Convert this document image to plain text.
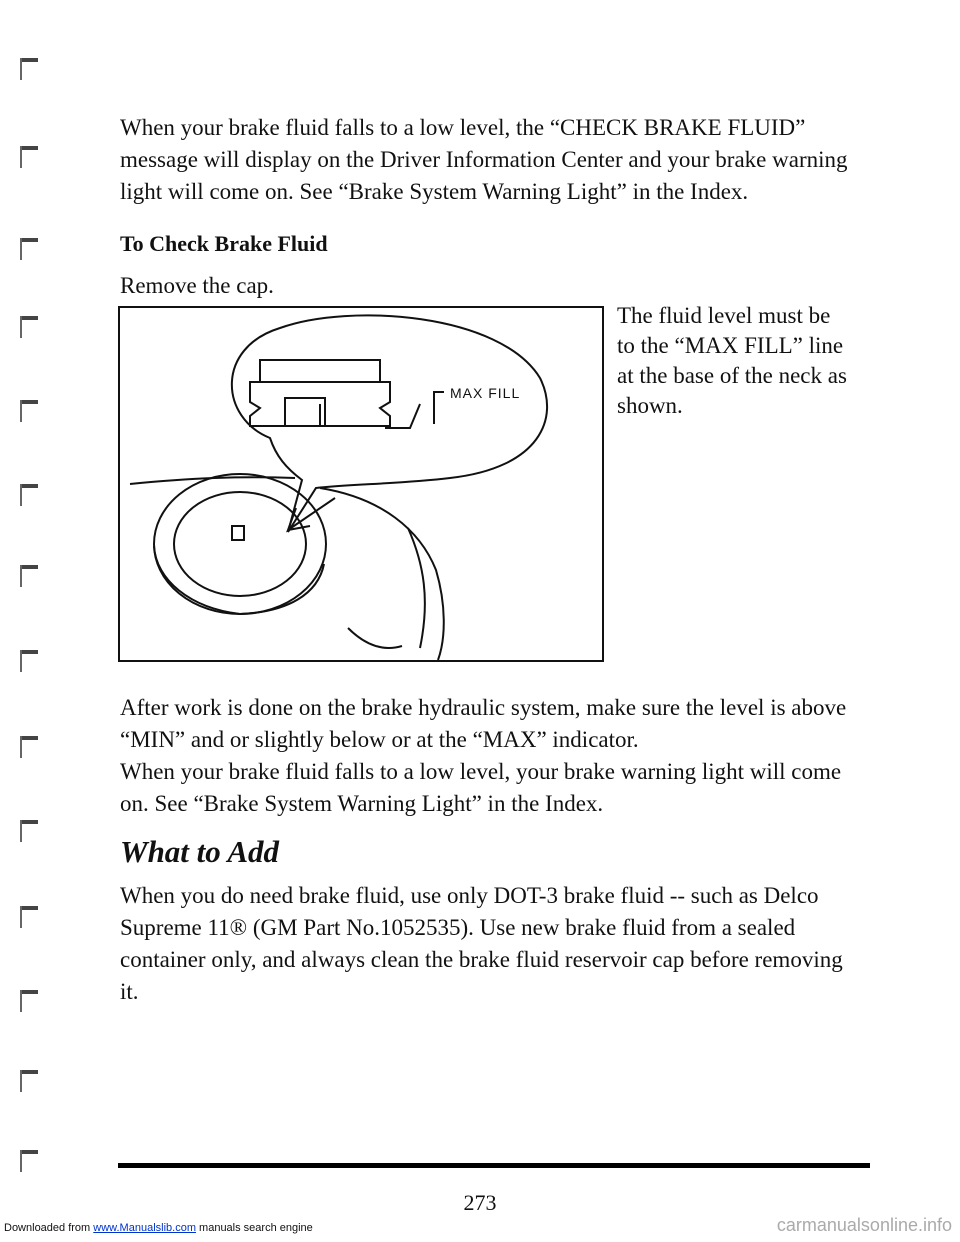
When your brake fluid falls to a low level, the “CHECK BRAKE FLUID” message will display on the Driver Information Center and your brake warning light will come on. See “Brake System Warning Light” in the Index.

To Check Brake Fluid

Remove the cap.

MAX FILL

The fluid level must be to the “MAX FILL” line at the base of the neck as shown.

After work is done on the brake hydraulic system, make sure the level is above “MIN” and or slightly below or at the “MAX” indicator.

When your brake fluid falls to a low level, your brake warning light will come on. See “Brake System Warning Light” in the Index.

What to Add

When you do need brake fluid, use only DOT-3 brake fluid -- such as Delco Supreme 11® (GM Part No.1052535). Use new brake fluid from a sealed container only, and always clean the brake fluid reservoir cap before removing it.

273
Downloaded from www.Manualslib.com manuals search engine	carmanualsonline.info
